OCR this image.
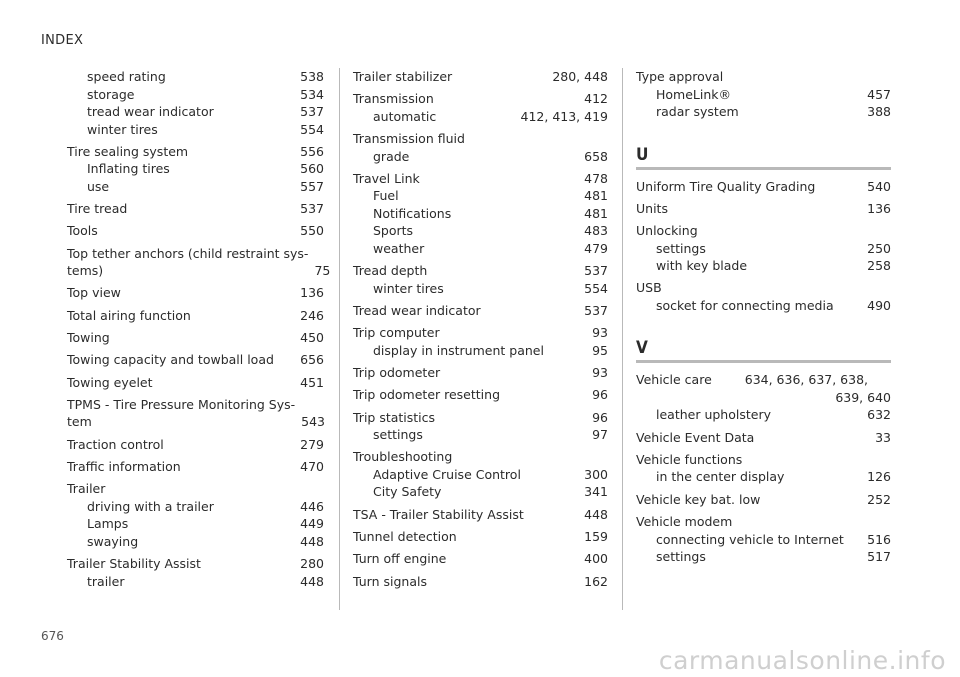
INDEX
speed rating	538
storage	534
tread wear indicator	537
winter tires	554
Tire sealing system	556
Inflating tires	560
use	557
Tire tread	537
Tools	550
Top tether anchors (child restraint sys-
tems)	75
Top view	136
Total airing function	246
Towing	450
Towing capacity and towball load	656
Towing eyelet	451
TPMS - Tire Pressure Monitoring Sys-
tem	543
Traction control	279
Traffic information	470
Trailer
driving with a trailer	446
Lamps	449
swaying	448
Trailer Stability Assist	280
trailer	448
Trailer stabilizer	280, 448
Transmission	412
automatic	412, 413, 419
Transmission fluid
grade	658
Travel Link	478
Fuel	481
Notifications	481
Sports	483
weather	479
Tread depth	537
winter tires	554
Tread wear indicator	537
Trip computer	93
display in instrument panel	95
Trip odometer	93
Trip odometer resetting	96
Trip statistics	96
settings	97
Troubleshooting
Adaptive Cruise Control	300
City Safety	341
TSA - Trailer Stability Assist	448
Tunnel detection	159
Turn off engine	400
Turn signals	162
Type approval
HomeLink®	457
radar system	388
U
Uniform Tire Quality Grading	540
Units	136
Unlocking
settings	250
with key blade	258
USB
socket for connecting media	490
V
Vehicle care	634, 636, 637, 638,
639, 640
leather upholstery	632
Vehicle Event Data	33
Vehicle functions
in the center display	126
Vehicle key bat. low	252
Vehicle modem
connecting vehicle to Internet	516
settings	517
676
carmanualsonline.info
